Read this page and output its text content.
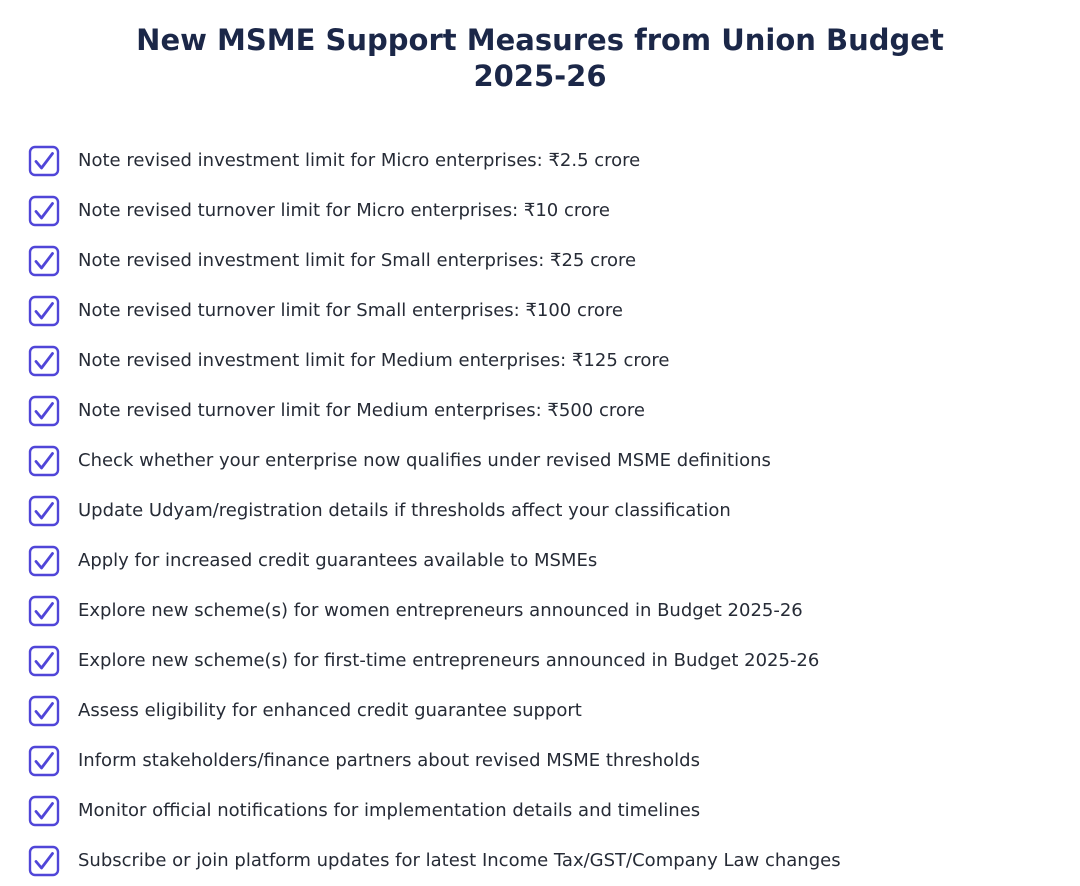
New MSME Support Measures from Union Budget 2025-26
Note revised investment limit for Micro enterprises: ₹2.5 crore
Note revised turnover limit for Micro enterprises: ₹10 crore
Note revised investment limit for Small enterprises: ₹25 crore
Note revised turnover limit for Small enterprises: ₹100 crore
Note revised investment limit for Medium enterprises: ₹125 crore
Note revised turnover limit for Medium enterprises: ₹500 crore
Check whether your enterprise now qualifies under revised MSME definitions
Update Udyam/registration details if thresholds affect your classification
Apply for increased credit guarantees available to MSMEs
Explore new scheme(s) for women entrepreneurs announced in Budget 2025-26
Explore new scheme(s) for first-time entrepreneurs announced in Budget 2025-26
Assess eligibility for enhanced credit guarantee support
Inform stakeholders/finance partners about revised MSME thresholds
Monitor official notifications for implementation details and timelines
Subscribe or join platform updates for latest Income Tax/GST/Company Law changes
